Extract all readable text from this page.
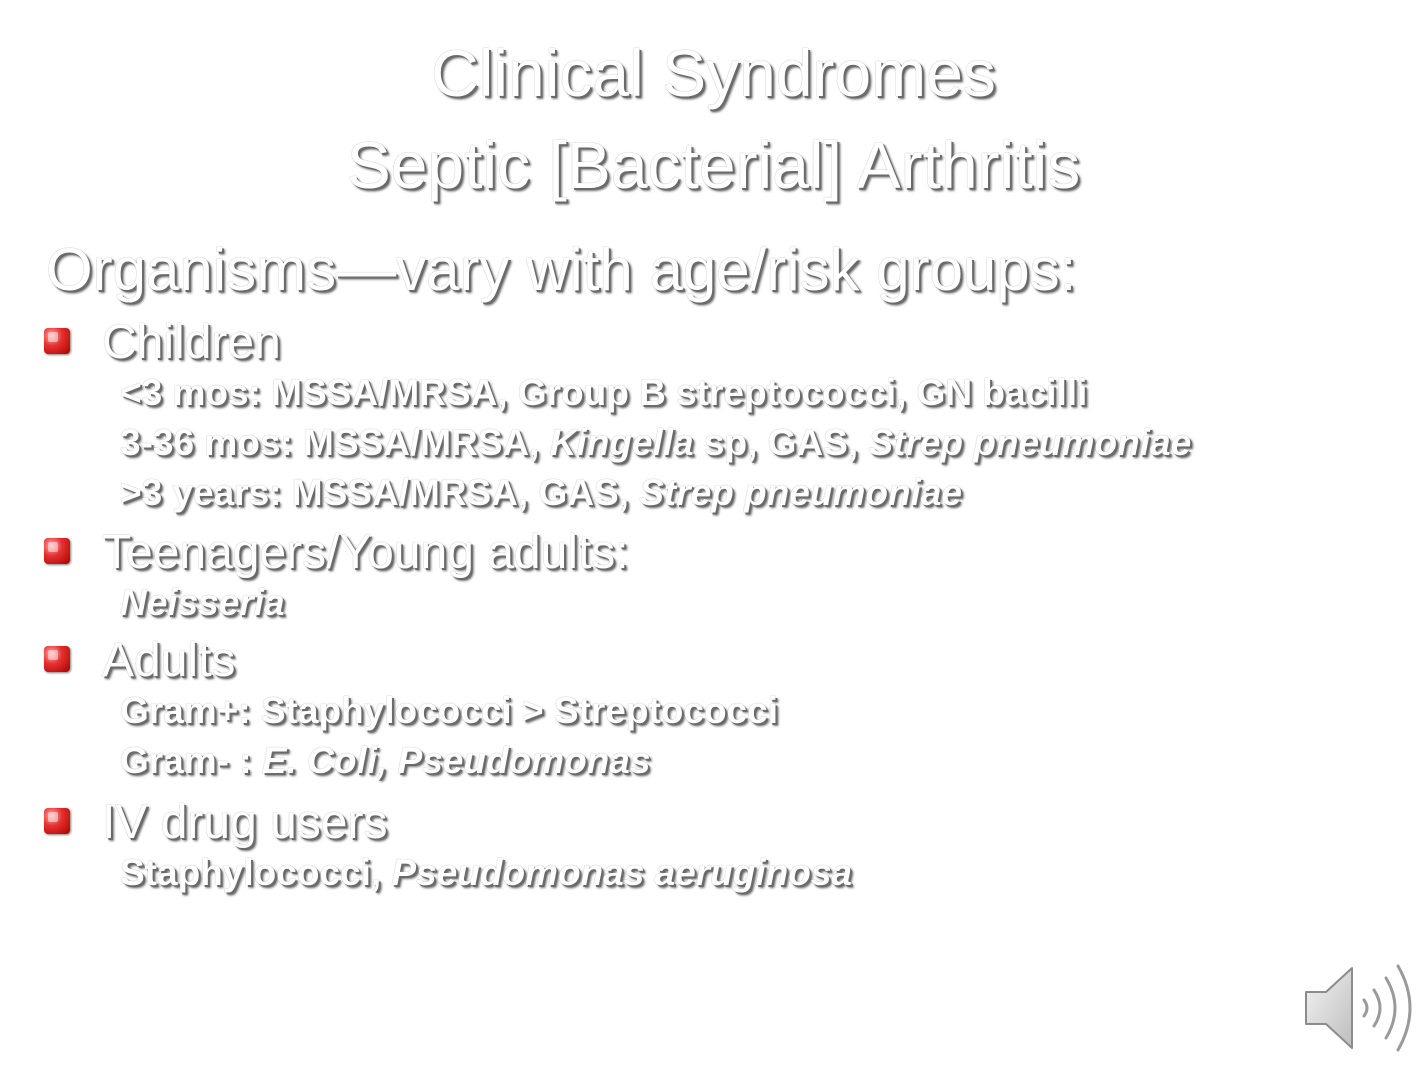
Clinical Syndromes
Septic [Bacterial] Arthritis
Organisms—vary with age/risk groups:
Children
<3 mos: MSSA/MRSA, Group B streptococci, GN bacilli
3-36 mos: MSSA/MRSA, Kingella sp, GAS, Strep pneumoniae
>3 years: MSSA/MRSA, GAS, Strep pneumoniae
Teenagers/Young adults:
Neisseria
Adults
Gram+: Staphylococci > Streptococci
Gram- : E. Coli, Pseudomonas
IV drug users
Staphylococci, Pseudomonas aeruginosa
